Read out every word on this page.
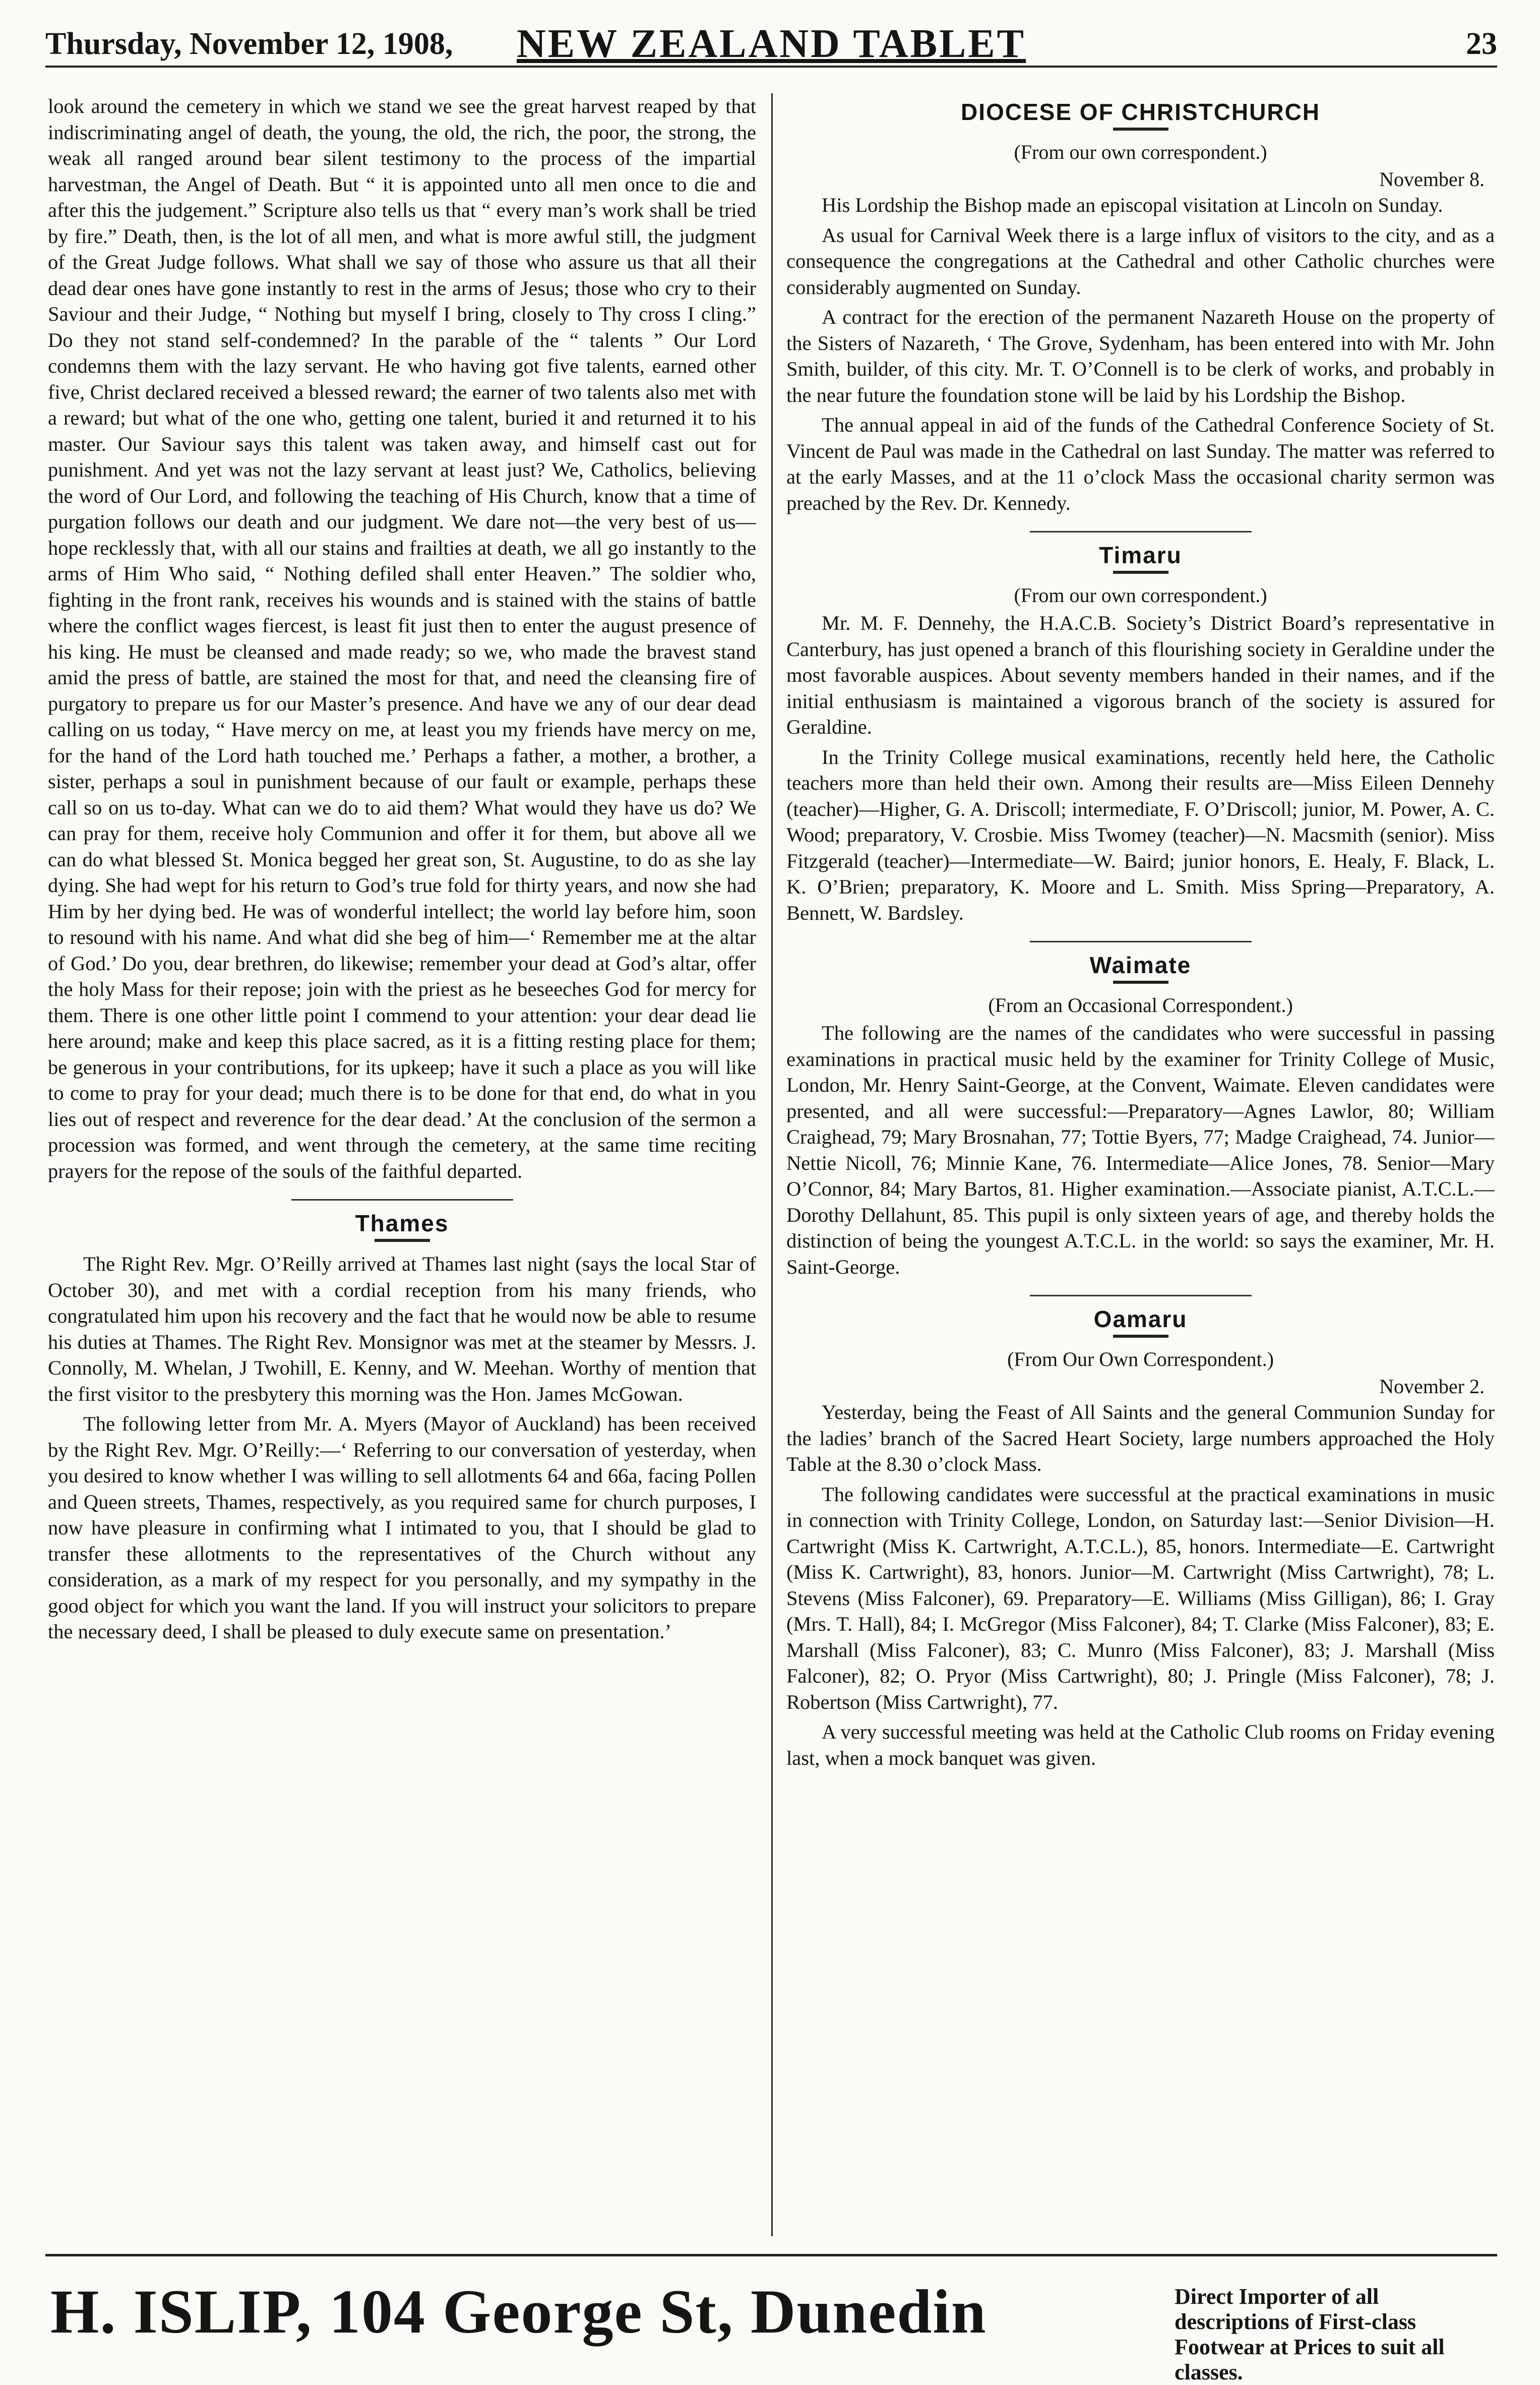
Thursday, November 12, 1908,	NEW ZEALAND TABLET	23

look around the cemetery in which we stand we see the great harvest reaped by that indiscriminating angel of death, the young, the old, the rich, the poor, the strong, the weak all ranged around bear silent testimony to the process of the impartial harvestman, the Angel of Death. But “ it is appointed unto all men once to die and after this the judgement.” Scripture also tells us that “ every man’s work shall be tried by fire.” Death, then, is the lot of all men, and what is more awful still, the judgment of the Great Judge follows. What shall we say of those who assure us that all their dead dear ones have gone instantly to rest in the arms of Jesus; those who cry to their Saviour and their Judge, “ Nothing but myself I bring, closely to Thy cross I cling.” Do they not stand self-condemned? In the parable of the “ talents ” Our Lord condemns them with the lazy servant. He who having got five talents, earned other five, Christ declared received a blessed reward; the earner of two talents also met with a reward; but what of the one who, getting one talent, buried it and returned it to his master. Our Saviour says this talent was taken away, and himself cast out for punishment. And yet was not the lazy servant at least just? We, Catholics, believing the word of Our Lord, and following the teaching of His Church, know that a time of purgation follows our death and our judgment. We dare not—the very best of us—hope recklessly that, with all our stains and frailties at death, we all go instantly to the arms of Him Who said, “ Nothing defiled shall enter Heaven.” The soldier who, fighting in the front rank, receives his wounds and is stained with the stains of battle where the conflict wages fiercest, is least fit just then to enter the august presence of his king. He must be cleansed and made ready; so we, who made the bravest stand amid the press of battle, are stained the most for that, and need the cleansing fire of purgatory to prepare us for our Master’s presence. And have we any of our dear dead calling on us today, “ Have mercy on me, at least you my friends have mercy on me, for the hand of the Lord hath touched me.’ Perhaps a father, a mother, a brother, a sister, perhaps a soul in punishment because of our fault or example, perhaps these call so on us to-day. What can we do to aid them? What would they have us do? We can pray for them, receive holy Communion and offer it for them, but above all we can do what blessed St. Monica begged her great son, St. Augustine, to do as she lay dying. She had wept for his return to God’s true fold for thirty years, and now she had Him by her dying bed. He was of wonderful intellect; the world lay before him, soon to resound with his name. And what did she beg of him—‘ Remember me at the altar of God.’ Do you, dear brethren, do likewise; remember your dead at God’s altar, offer the holy Mass for their repose; join with the priest as he beseeches God for mercy for them. There is one other little point I commend to your attention: your dear dead lie here around; make and keep this place sacred, as it is a fitting resting place for them; be generous in your contributions, for its upkeep; have it such a place as you will like to come to pray for your dead; much there is to be done for that end, do what in you lies out of respect and reverence for the dear dead.’ At the conclusion of the sermon a procession was formed, and went through the cemetery, at the same time reciting prayers for the repose of the souls of the faithful departed.

Thames

The Right Rev. Mgr. O’Reilly arrived at Thames last night (says the local Star of October 30), and met with a cordial reception from his many friends, who congratulated him upon his recovery and the fact that he would now be able to resume his duties at Thames. The Right Rev. Monsignor was met at the steamer by Messrs. J. Connolly, M. Whelan, J Twohill, E. Kenny, and W. Meehan. Worthy of mention that the first visitor to the presbytery this morning was the Hon. James McGowan.

The following letter from Mr. A. Myers (Mayor of Auckland) has been received by the Right Rev. Mgr. O’Reilly:—‘ Referring to our conversation of yesterday, when you desired to know whether I was willing to sell allotments 64 and 66a, facing Pollen and Queen streets, Thames, respectively, as you required same for church purposes, I now have pleasure in confirming what I intimated to you, that I should be glad to transfer these allotments to the representatives of the Church without any consideration, as a mark of my respect for you personally, and my sympathy in the good object for which you want the land. If you will instruct your solicitors to prepare the necessary deed, I shall be pleased to duly execute same on presentation.’

DIOCESE OF CHRISTCHURCH
(From our own correspondent.)
November 8.

His Lordship the Bishop made an episcopal visitation at Lincoln on Sunday.

As usual for Carnival Week there is a large influx of visitors to the city, and as a consequence the congregations at the Cathedral and other Catholic churches were considerably augmented on Sunday.

A contract for the erection of the permanent Nazareth House on the property of the Sisters of Nazareth, ‘ The Grove, Sydenham, has been entered into with Mr. John Smith, builder, of this city. Mr. T. O’Connell is to be clerk of works, and probably in the near future the foundation stone will be laid by his Lordship the Bishop.

The annual appeal in aid of the funds of the Cathedral Conference Society of St. Vincent de Paul was made in the Cathedral on last Sunday. The matter was referred to at the early Masses, and at the 11 o’clock Mass the occasional charity sermon was preached by the Rev. Dr. Kennedy.

Timaru
(From our own correspondent.)

Mr. M. F. Dennehy, the H.A.C.B. Society’s District Board’s representative in Canterbury, has just opened a branch of this flourishing society in Geraldine under the most favorable auspices. About seventy members handed in their names, and if the initial enthusiasm is maintained a vigorous branch of the society is assured for Geraldine.

In the Trinity College musical examinations, recently held here, the Catholic teachers more than held their own. Among their results are—Miss Eileen Dennehy (teacher)—Higher, G. A. Driscoll; intermediate, F. O’Driscoll; junior, M. Power, A. C. Wood; preparatory, V. Crosbie. Miss Twomey (teacher)—N. Macsmith (senior). Miss Fitzgerald (teacher)—Intermediate—W. Baird; junior honors, E. Healy, F. Black, L. K. O’Brien; preparatory, K. Moore and L. Smith. Miss Spring—Preparatory, A. Bennett, W. Bardsley.

Waimate
(From an Occasional Correspondent.)

The following are the names of the candidates who were successful in passing examinations in practical music held by the examiner for Trinity College of Music, London, Mr. Henry Saint-George, at the Convent, Waimate. Eleven candidates were presented, and all were successful:—Preparatory—Agnes Lawlor, 80; William Craighead, 79; Mary Brosnahan, 77; Tottie Byers, 77; Madge Craighead, 74. Junior—Nettie Nicoll, 76; Minnie Kane, 76. Intermediate—Alice Jones, 78. Senior—Mary O’Connor, 84; Mary Bartos, 81. Higher examination.—Associate pianist, A.T.C.L.—Dorothy Dellahunt, 85. This pupil is only sixteen years of age, and thereby holds the distinction of being the youngest A.T.C.L. in the world: so says the examiner, Mr. H. Saint-George.

Oamaru
(From Our Own Correspondent.)
November 2.

Yesterday, being the Feast of All Saints and the general Communion Sunday for the ladies’ branch of the Sacred Heart Society, large numbers approached the Holy Table at the 8.30 o’clock Mass.

The following candidates were successful at the practical examinations in music in connection with Trinity College, London, on Saturday last:—Senior Division—H. Cartwright (Miss K. Cartwright, A.T.C.L.), 85, honors. Intermediate—E. Cartwright (Miss K. Cartwright), 83, honors. Junior—M. Cartwright (Miss Cartwright), 78; L. Stevens (Miss Falconer), 69. Preparatory—E. Williams (Miss Gilligan), 86; I. Gray (Mrs. T. Hall), 84; I. McGregor (Miss Falconer), 84; T. Clarke (Miss Falconer), 83; E. Marshall (Miss Falconer), 83; C. Munro (Miss Falconer), 83; J. Marshall (Miss Falconer), 82; O. Pryor (Miss Cartwright), 80; J. Pringle (Miss Falconer), 78; J. Robertson (Miss Cartwright), 77.

A very successful meeting was held at the Catholic Club rooms on Friday evening last, when a mock banquet was given.

H. ISLIP, 104 George St, Dunedin	Direct Importer of all descriptions of First-class Footwear at Prices to suit all classes.
